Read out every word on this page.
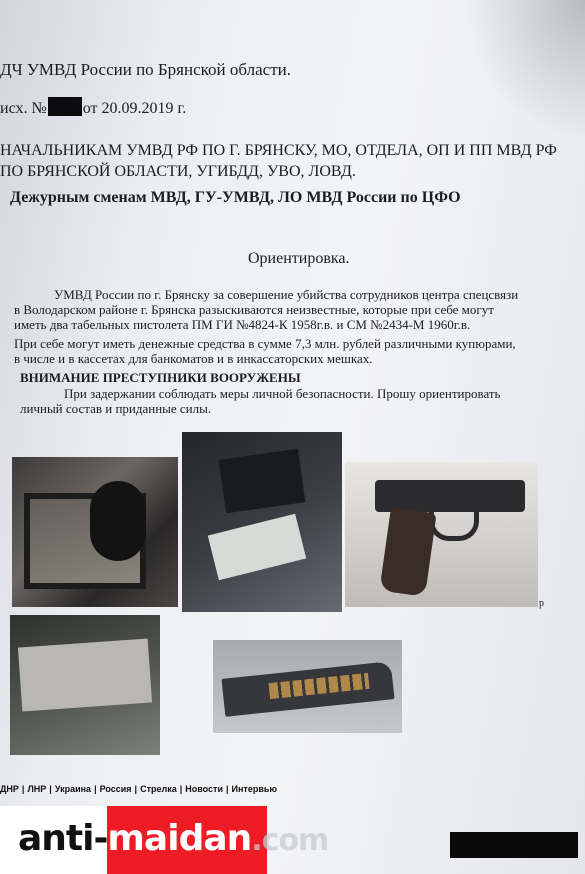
ДЧ УМВД России по Брянской области.
исх. № от 20.09.2019 г.
НАЧАЛЬНИКАМ УМВД РФ ПО Г. БРЯНСКУ, МО, ОТДЕЛА, ОП И ПП МВД РФ
ПО БРЯНСКОЙ ОБЛАСТИ, УГИБДД, УВО, ЛОВД.
Дежурным сменам МВД, ГУ-УМВД, ЛО МВД России по ЦФО
Ориентировка.
УМВД России по г. Брянску за совершение убийства сотрудников центра спецсвязи
в Володарском районе г. Брянска разыскиваются неизвестные, которые при себе могут
иметь два табельных пистолета ПМ ГИ №4824-К 1958г.в. и СМ №2434-М 1960г.в.
При себе могут иметь денежные средства в сумме 7,3 млн. рублей различными купюрами,
в числе и в кассетах для банкоматов и в инкассаторских мешках.
ВНИМАНИЕ ПРЕСТУПНИКИ ВООРУЖЕНЫ
При задержании соблюдать меры личной безопасности. Прошу ориентировать
личный состав и приданные силы.
р
ДНР | ЛНР | Украина | Россия | Стрелка | Новости | Интервью
anti-maidan.com
